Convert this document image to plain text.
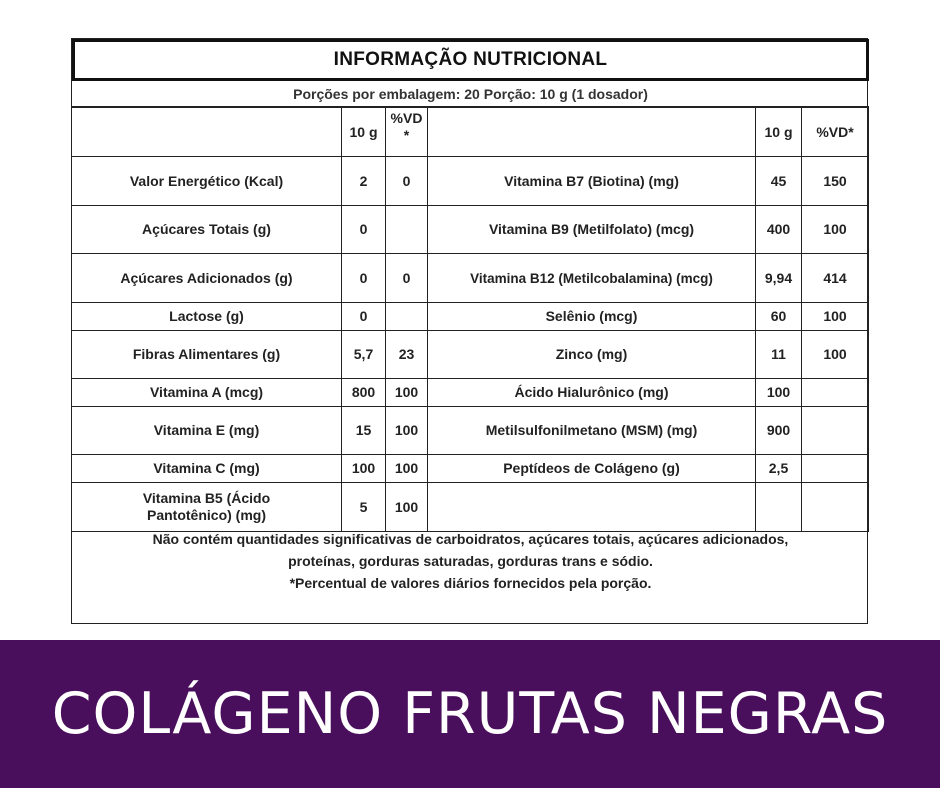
INFORMAÇÃO NUTRICIONAL
Porções por embalagem: 20 Porção: 10 g (1 dosador)
	10 g	%VD *		10 g	%VD*
Valor Energético (Kcal)	2	0	Vitamina B7 (Biotina) (mg)	45	150
Açúcares Totais (g)	0		Vitamina B9 (Metilfolato) (mcg)	400	100
Açúcares Adicionados (g)	0	0	Vitamina B12 (Metilcobalamina) (mcg)	9,94	414
Lactose (g)	0		Selênio (mcg)	60	100
Fibras Alimentares (g)	5,7	23	Zinco (mg)	11	100
Vitamina A (mcg)	800	100	Ácido Hialurônico (mg)	100	
Vitamina E (mg)	15	100	Metilsulfonilmetano (MSM) (mg)	900	
Vitamina C (mg)	100	100	Peptídeos de Colágeno (g)	2,5	
Vitamina B5 (Ácido Pantotênico) (mg)	5	100			
Não contém quantidades significativas de carboidratos, açúcares totais, açúcares adicionados,
proteínas, gorduras saturadas, gorduras trans e sódio.
*Percentual de valores diários fornecidos pela porção.
COLÁGENO FRUTAS NEGRAS
